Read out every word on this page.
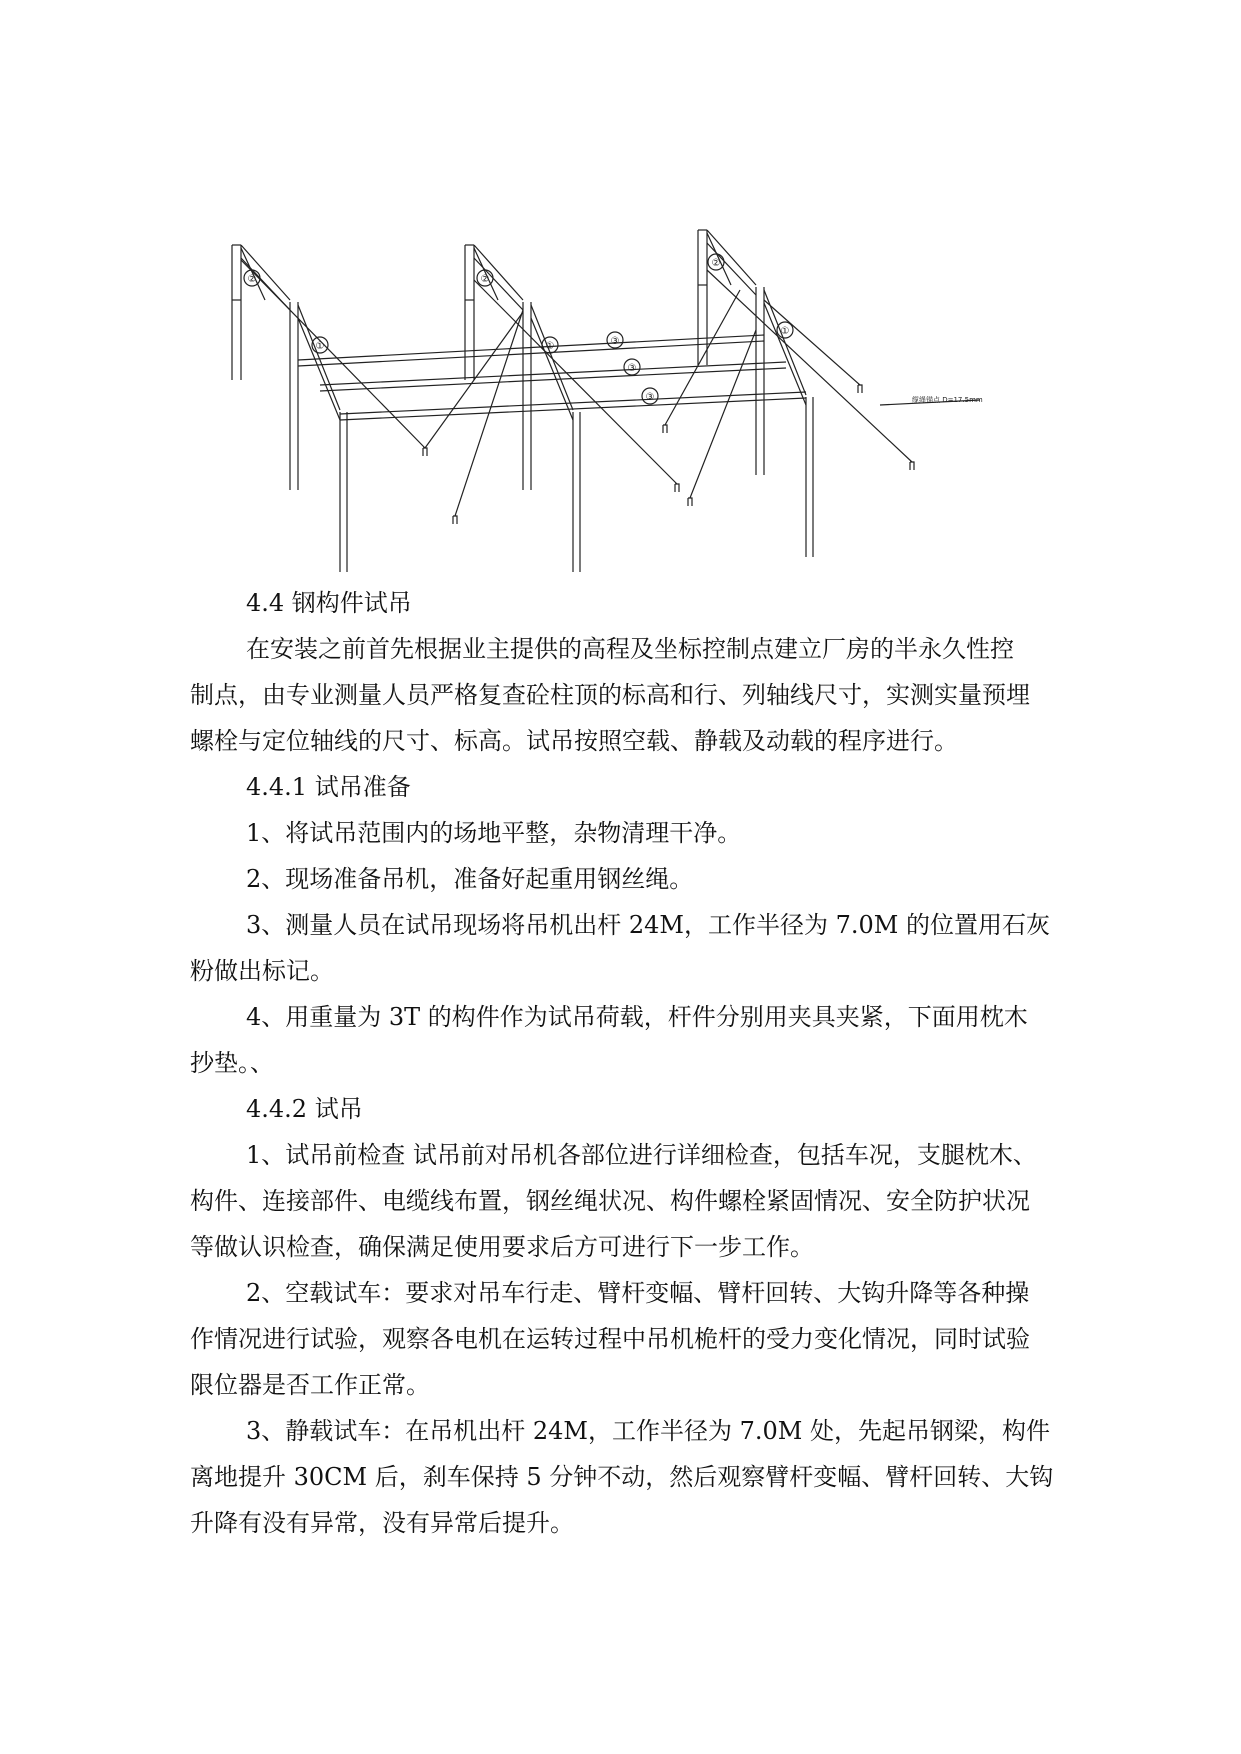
②
①
②
①
②
①
③
③
③	缆绳锚点 D=17.5mm
4.4 钢构件试吊
在安装之前首先根据业主提供的高程及坐标控制点建立厂房的半永久性控
制点，由专业测量人员严格复查砼柱顶的标高和行、列轴线尺寸，实测实量预埋
螺栓与定位轴线的尺寸、标高。试吊按照空载、静载及动载的程序进行。
4.4.1 试吊准备
1、将试吊范围内的场地平整，杂物清理干净。
2、现场准备吊机，准备好起重用钢丝绳。
3、测量人员在试吊现场将吊机出杆 24M，工作半径为 7.0M 的位置用石灰
粉做出标记。
4、用重量为 3T 的构件作为试吊荷载，杆件分别用夹具夹紧，下面用枕木
抄垫。、
4.4.2 试吊
1、试吊前检查 试吊前对吊机各部位进行详细检查，包括车况，支腿枕木、
构件、连接部件、电缆线布置，钢丝绳状况、构件螺栓紧固情况、安全防护状况
等做认识检查，确保满足使用要求后方可进行下一步工作。
2、空载试车：要求对吊车行走、臂杆变幅、臂杆回转、大钩升降等各种操
作情况进行试验，观察各电机在运转过程中吊机桅杆的受力变化情况，同时试验
限位器是否工作正常。
3、静载试车：在吊机出杆 24M，工作半径为 7.0M 处，先起吊钢梁，构件
离地提升 30CM 后，刹车保持 5 分钟不动，然后观察臂杆变幅、臂杆回转、大钩
升降有没有异常，没有异常后提升。
